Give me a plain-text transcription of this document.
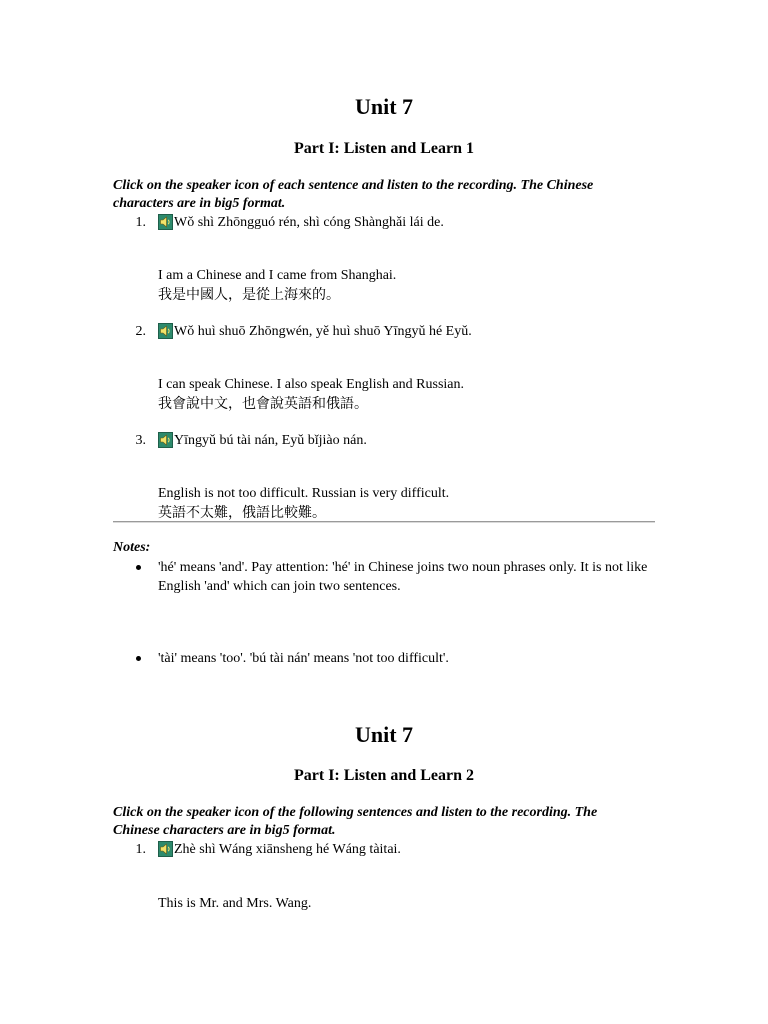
Unit 7
Part I: Listen and Learn 1
Click on the speaker icon of each sentence and listen to the recording. The Chinese characters are in big5 format.
1. Wǒ shì Zhōngguó rén, shì cóng Shànghǎi lái de.
I am a Chinese and I came from Shanghai.
我是中國人，是從上海來的。
2. Wǒ huì shuō Zhōngwén, yě huì shuō Yīngyǔ hé Eyǔ.
I can speak Chinese. I also speak English and Russian.
我會說中文，也會說英語和俄語。
3. Yīngyǔ bú tài nán, Eyǔ bǐjiào nán.
English is not too difficult. Russian is very difficult.
英語不太難，俄語比較難。
Notes:
'hé' means 'and'. Pay attention: 'hé' in Chinese joins two noun phrases only. It is not like English 'and' which can join two sentences.
'tài' means 'too'. 'bú tài nán' means 'not too difficult'.
Unit 7
Part I: Listen and Learn 2
Click on the speaker icon of the following sentences and listen to the recording. The Chinese characters are in big5 format.
1. Zhè shì Wáng xiānsheng hé Wáng tàitai.
This is Mr. and Mrs. Wang.
